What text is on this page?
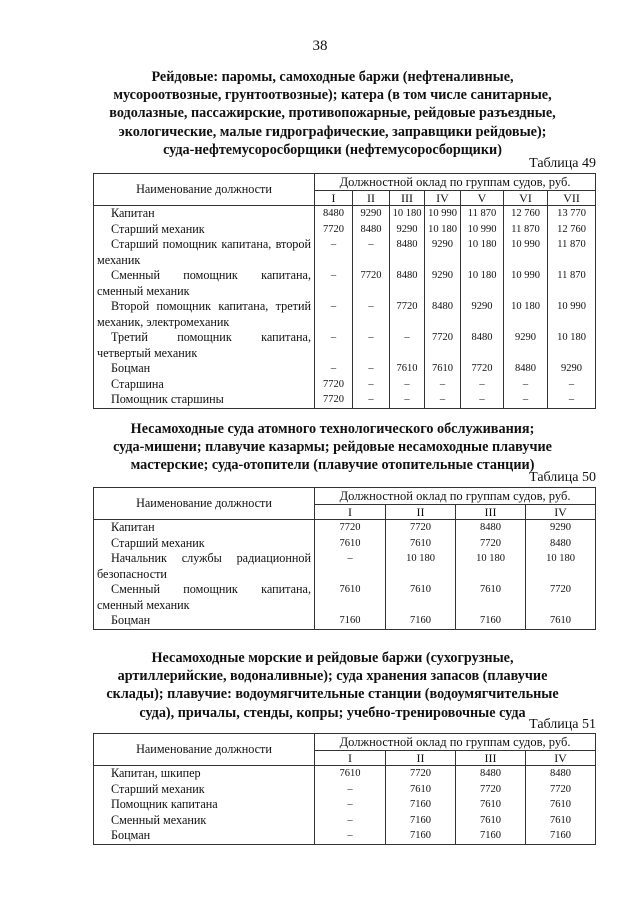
38
Рейдовые: паромы, самоходные баржи (нефтеналивные,
мусороотвозные, грунтоотвозные); катера (в том числе санитарные,
водолазные, пассажирские, противопожарные, рейдовые разъездные,
экологические, малые гидрографические, заправщики рейдовые);
суда-нефтемусоросборщики (нефтемусоросборщики)
Таблица 49
Наименование должности	Должностной оклад по группам судов, руб.						
	I	II	III	IV	V	VI	VII
Капитан	8480	9290	10 180	10 990	11 870	12 760	13 770
Старший механик	7720	8480	9290	10 180	10 990	11 870	12 760
Старший помощник капитана, второй механик	–	–	8480	9290	10 180	10 990	11 870
Сменный помощник капитана, сменный механик	–	7720	8480	9290	10 180	10 990	11 870
Второй помощник капитана, третий механик, электромеханик	–	–	7720	8480	9290	10 180	10 990
Третий помощник капитана, четвертый механик	–	–	–	7720	8480	9290	10 180
Боцман	–	–	7610	7610	7720	8480	9290
Старшина	7720	–	–	–	–	–	–
Помощник старшины	7720	–	–	–	–	–	–
Несамоходные суда атомного технологического обслуживания;
суда-мишени; плавучие казармы; рейдовые несамоходные плавучие
мастерские; суда-отопители (плавучие отопительные станции)
Таблица 50
Наименование должности	Должностной оклад по группам судов, руб.			
	I	II	III	IV
Капитан	7720	7720	8480	9290
Старший механик	7610	7610	7720	8480
Начальник службы радиационной безопасности	–	10 180	10 180	10 180
Сменный помощник капитана, сменный механик	7610	7610	7610	7720
Боцман	7160	7160	7160	7610
Несамоходные морские и рейдовые баржи (сухогрузные,
артиллерийские, водоналивные); суда хранения запасов (плавучие
склады); плавучие: водоумягчительные станции (водоумягчительные
суда), причалы, стенды, копры; учебно-тренировочные суда
Таблица 51
Наименование должности	Должностной оклад по группам судов, руб.			
	I	II	III	IV
Капитан, шкипер	7610	7720	8480	8480
Старший механик	–	7610	7720	7720
Помощник капитана	–	7160	7610	7610
Сменный механик	–	7160	7610	7610
Боцман	–	7160	7160	7160
